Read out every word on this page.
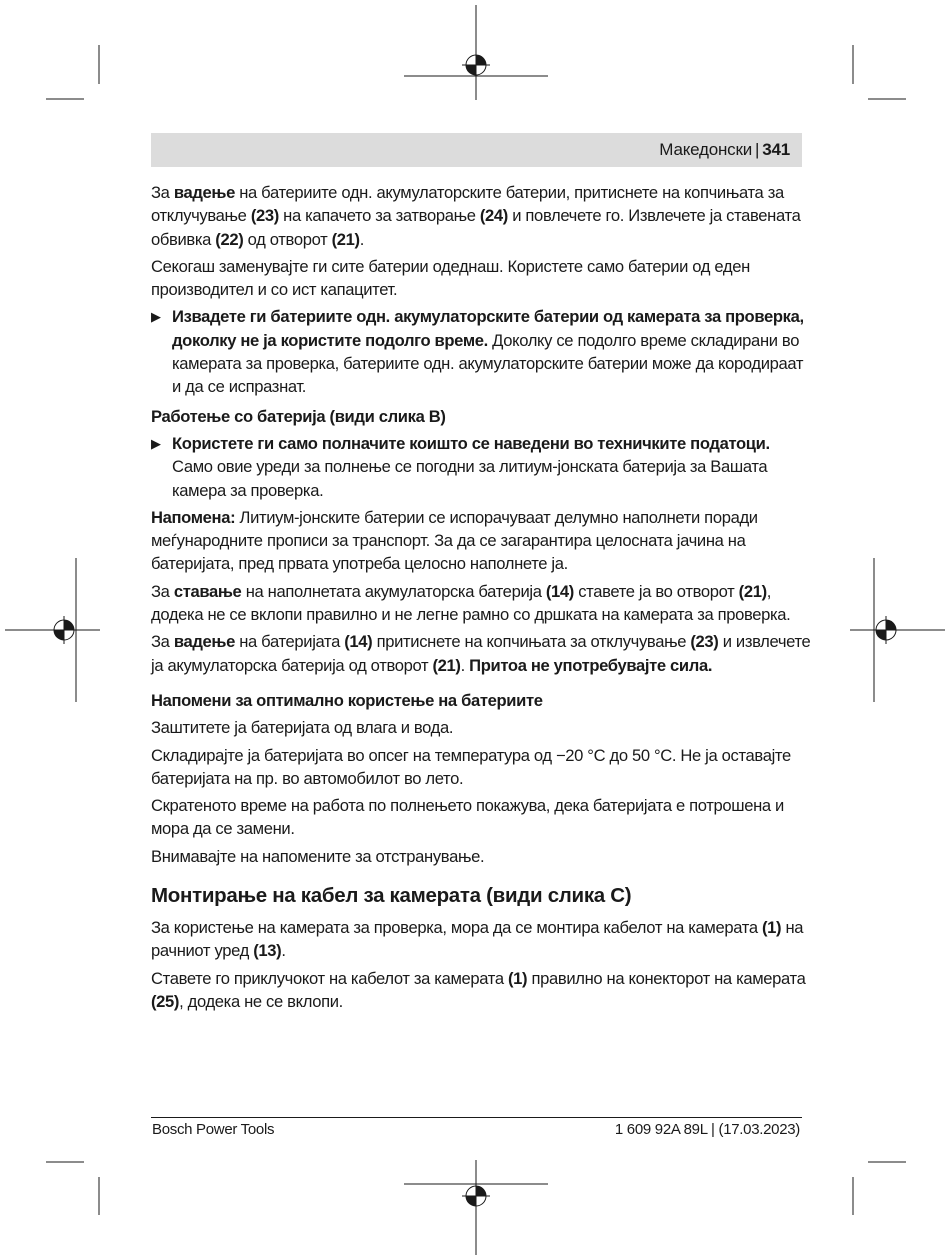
Македонски | 341

За вадење на батериите одн. акумулаторските батерии, притиснете на копчињата за отклучување (23) на капачето за затворање (24) и повлечете го. Извлечете ја ставената обвивка (22) од отворот (21).

Секогаш заменувајте ги сите батерии одеднаш. Користете само батерии од еден производител и со ист капацитет.

▶ Извадете ги батериите одн. акумулаторските батерии од камерата за проверка, доколку не ја користите подолго време. Доколку се подолго време складирани во камерата за проверка, батериите одн. акумулаторските батерии може да кородираат и да се испразнат.

Работење со батерија (види слика B)

▶ Користете ги само полначите коишто се наведени во техничките податоци. Само овие уреди за полнење се погодни за литиум-јонската батерија за Вашата камера за проверка.

Напомена: Литиум-јонските батерии се испорачуваат делумно наполнети поради меѓународните прописи за транспорт. За да се загарантира целосната јачина на батеријата, пред првата употреба целосно наполнете ја.

За ставање на наполнетата акумулаторска батерија (14) ставете ја во отворот (21), додека не се вклопи правилно и не легне рамно со дршката на камерата за проверка.

За вадење на батеријата (14) притиснете на копчињата за отклучување (23) и извлечете ја акумулаторска батерија од отворот (21). Притоа не употребувајте сила.

Напомени за оптимално користење на батериите

Заштитете ја батеријата од влага и вода.

Складирајте ја батеријата во опсег на температура од −20 °C до 50 °C. Не ја оставајте батеријата на пр. во автомобилот во лето.

Скратеното време на работа по полнењето покажува, дека батеријата е потрошена и мора да се замени.

Внимавајте на напомените за отстранување.

Монтирање на кабел за камерата (види слика C)

За користење на камерата за проверка, мора да се монтира кабелот на камерата (1) на рачниот уред (13).

Ставете го приклучокот на кабелот за камерата (1) правилно на конекторот на камерата (25), додека не се вклопи.

Bosch Power Tools	1 609 92A 89L | (17.03.2023)
